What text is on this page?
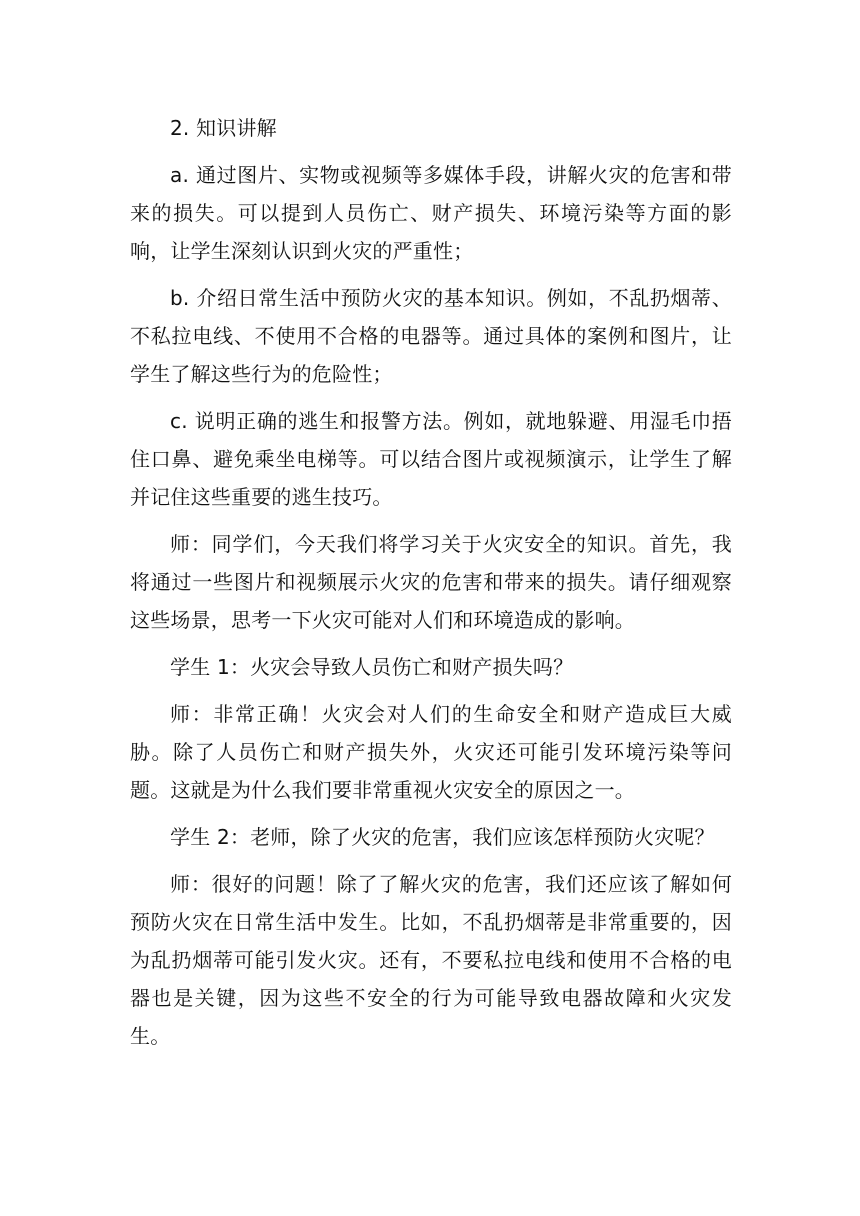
2. 知识讲解

a. 通过图片、实物或视频等多媒体手段，讲解火灾的危害和带来的损失。可以提到人员伤亡、财产损失、环境污染等方面的影响，让学生深刻认识到火灾的严重性；

b. 介绍日常生活中预防火灾的基本知识。例如，不乱扔烟蒂、不私拉电线、不使用不合格的电器等。通过具体的案例和图片，让学生了解这些行为的危险性；

c. 说明正确的逃生和报警方法。例如，就地躲避、用湿毛巾捂住口鼻、避免乘坐电梯等。可以结合图片或视频演示，让学生了解并记住这些重要的逃生技巧。

师：同学们，今天我们将学习关于火灾安全的知识。首先，我将通过一些图片和视频展示火灾的危害和带来的损失。请仔细观察这些场景，思考一下火灾可能对人们和环境造成的影响。

学生 1：火灾会导致人员伤亡和财产损失吗？

师：非常正确！火灾会对人们的生命安全和财产造成巨大威胁。除了人员伤亡和财产损失外，火灾还可能引发环境污染等问题。这就是为什么我们要非常重视火灾安全的原因之一。

学生 2：老师，除了火灾的危害，我们应该怎样预防火灾呢？

师：很好的问题！除了了解火灾的危害，我们还应该了解如何预防火灾在日常生活中发生。比如，不乱扔烟蒂是非常重要的，因为乱扔烟蒂可能引发火灾。还有，不要私拉电线和使用不合格的电器也是关键，因为这些不安全的行为可能导致电器故障和火灾发生。
